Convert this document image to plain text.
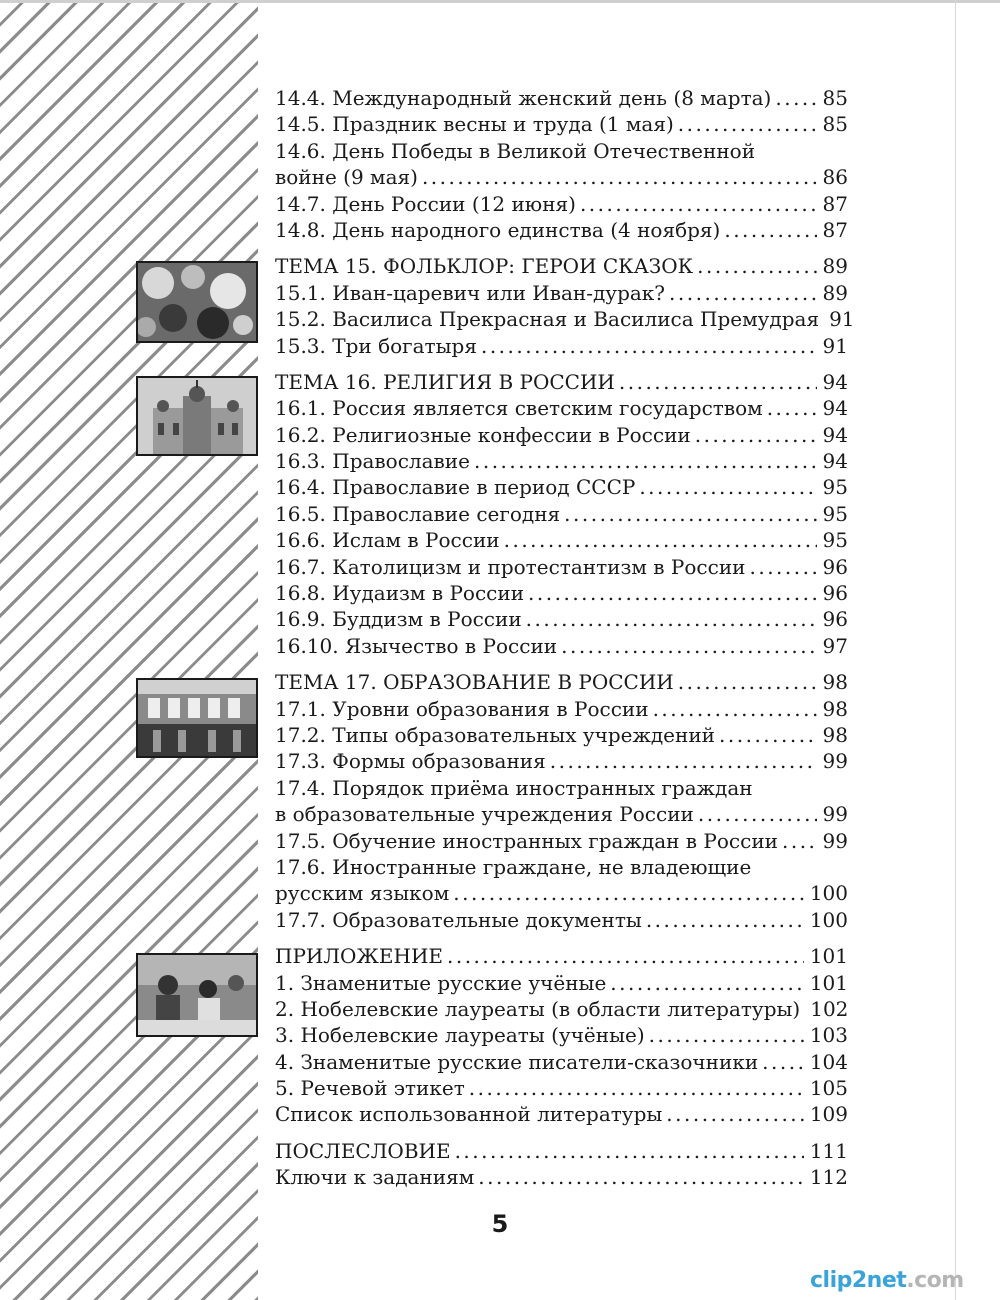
14.4. Международный женский день (8 марта) .....	85
14.5. Праздник весны и труда (1 мая) .....	85
14.6. День Победы в Великой Отечественной
войне (9 мая) .....	86
14.7. День России (12 июня) .....	87
14.8. День народного единства (4 ноября) .....	87
ТЕМА 15. ФОЛЬКЛОР: ГЕРОИ СКАЗОК .....	89
15.1. Иван-царевич или Иван-дурак? .....	89
15.2. Василиса Прекрасная и Василиса Премудрая 91
15.3. Три богатыря .....	91
ТЕМА 16. РЕЛИГИЯ В РОССИИ .....	94
16.1. Россия является светским государством .....	94
16.2. Религиозные конфессии в России .....	94
16.3. Православие .....	94
16.4. Православие в период СССР .....	95
16.5. Православие сегодня .....	95
16.6. Ислам в России .....	95
16.7. Католицизм и протестантизм в России .....	96
16.8. Иудаизм в России .....	96
16.9. Буддизм в России .....	96
16.10. Язычество в России .....	97
ТЕМА 17. ОБРАЗОВАНИЕ В РОССИИ .....	98
17.1. Уровни образования в России .....	98
17.2. Типы образовательных учреждений .....	98
17.3. Формы образования .....	99
17.4. Порядок приёма иностранных граждан
в образовательные учреждения России .....	99
17.5. Обучение иностранных граждан в России ..... 99
17.6. Иностранные граждане, не владеющие
русским языком .....	100
17.7. Образовательные документы .....	100
ПРИЛОЖЕНИЕ .....	101
1. Знаменитые русские учёные .....	101
2. Нобелевские лауреаты (в области литературы) 102
3. Нобелевские лауреаты (учёные) .....	103
4. Знаменитые русские писатели-сказочники .....	104
5. Речевой этикет .....	105
Список использованной литературы .....	109
ПОСЛЕСЛОВИЕ .....	111
Ключи к заданиям .....	112
5
clip2net.com
